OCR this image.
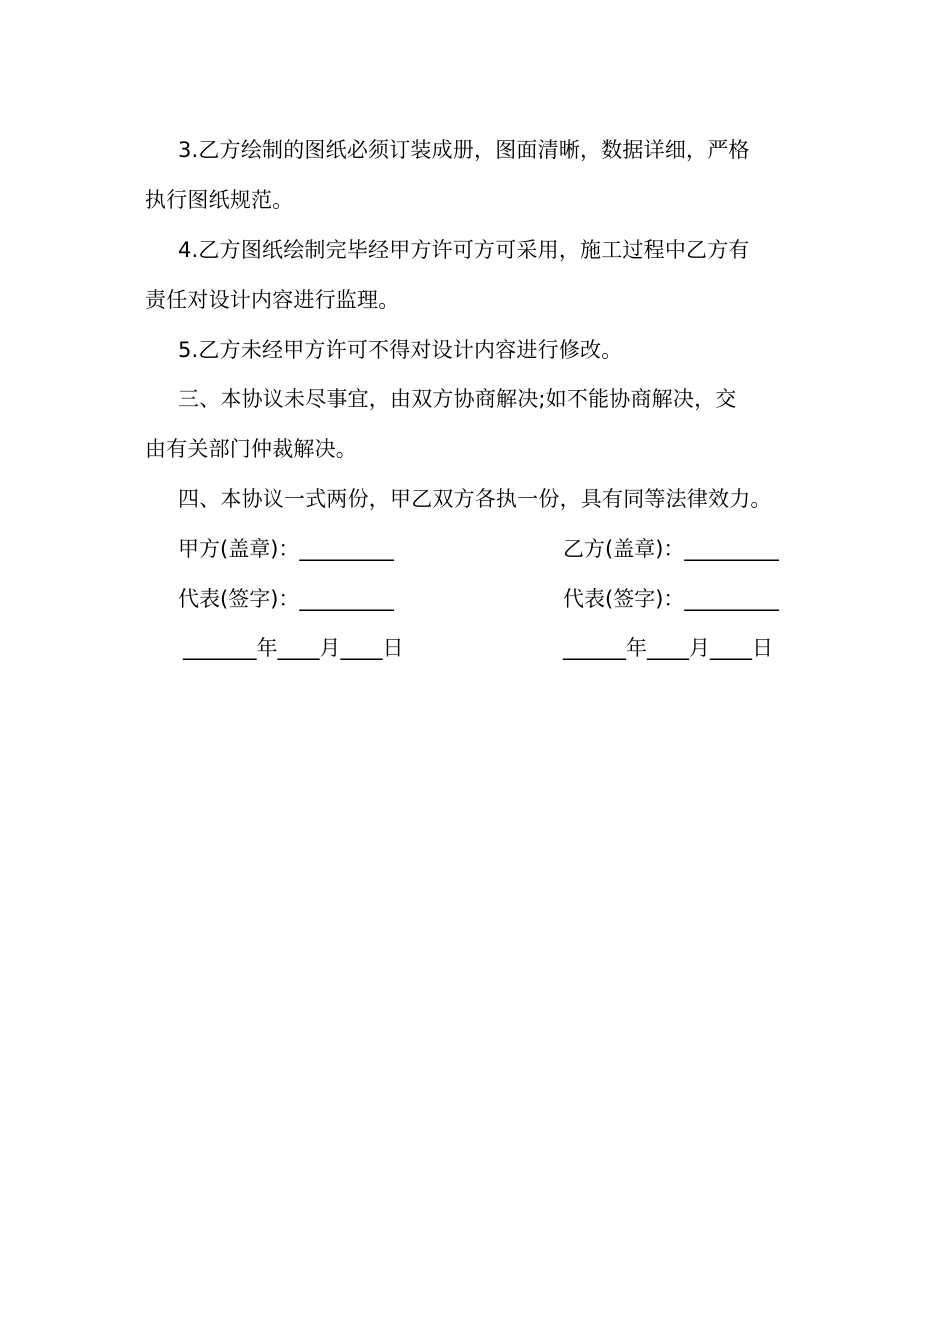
3.乙方绘制的图纸必须订装成册，图面清晰，数据详细，严格
执行图纸规范。
4.乙方图纸绘制完毕经甲方许可方可采用，施工过程中乙方有
责任对设计内容进行监理。
5.乙方未经甲方许可不得对设计内容进行修改。
三、本协议未尽事宜，由双方协商解决;如不能协商解决，交
由有关部门仲裁解决。
四、本协议一式两份，甲乙双方各执一份，具有同等法律效力。
甲方(盖章)：_________	乙方(盖章)：_________
代表(签字)：_________	代表(签字)：_________
_______年____月____日	______年____月____日
